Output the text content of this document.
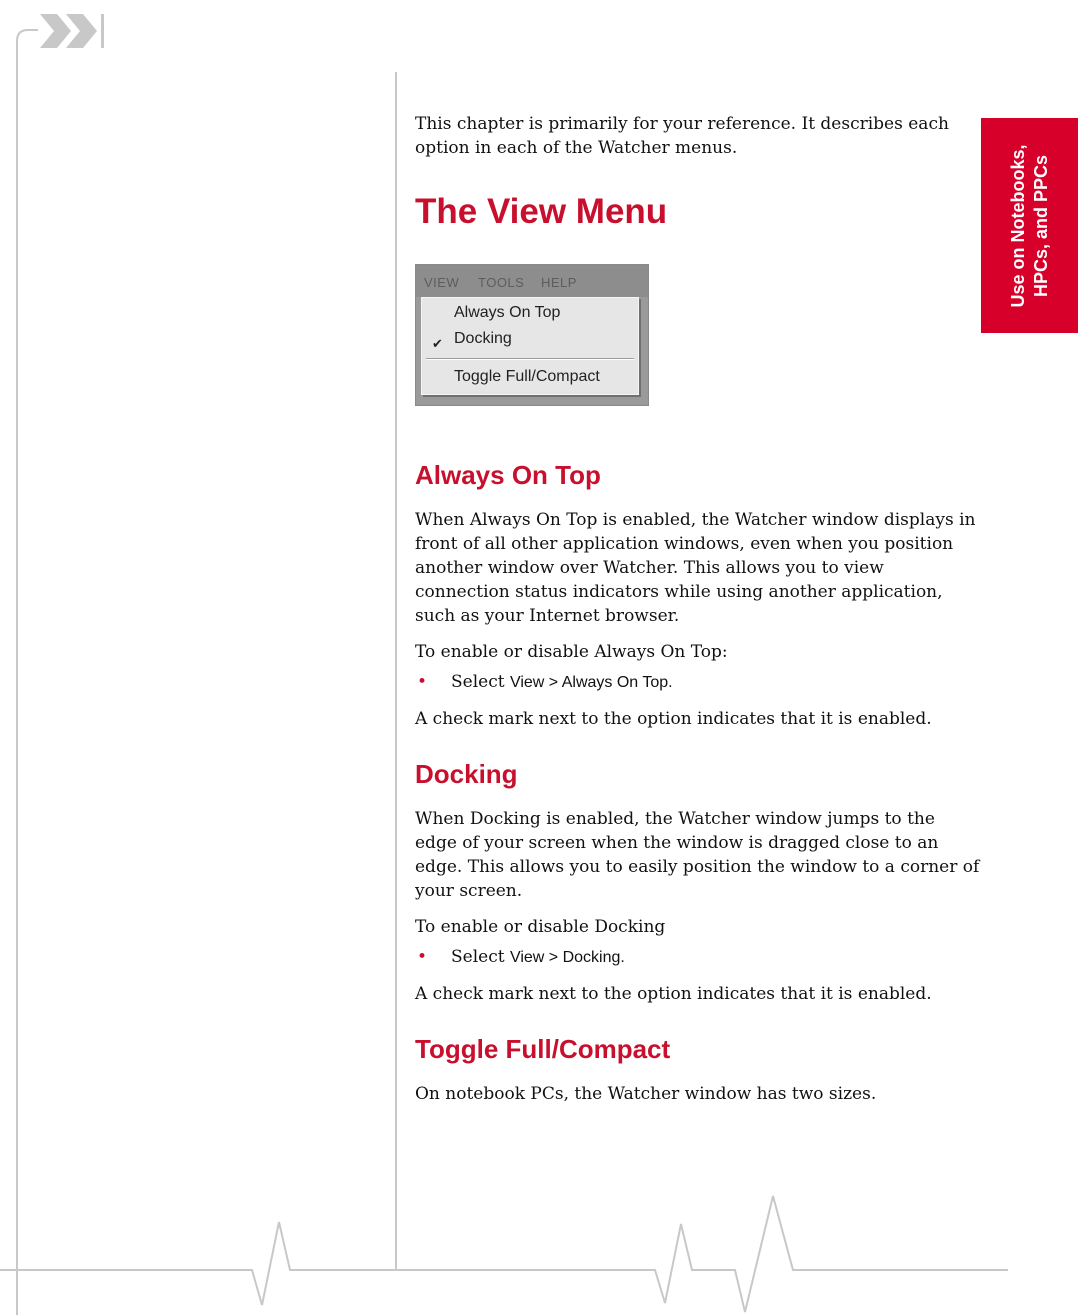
Use on Notebooks, HPCs, and PPCs

This chapter is primarily for your reference. It describes each option in each of the Watcher menus.

The View Menu
VIEW TOOLS HELP
Always On Top
✔ Docking
Toggle Full/Compact
Always On Top

When Always On Top is enabled, the Watcher window displays in front of all other application windows, even when you position another window over Watcher. This allows you to view connection status indicators while using another application, such as your Internet browser.

To enable or disable Always On Top:

• Select View > Always On Top.

A check mark next to the option indicates that it is enabled.

Docking

When Docking is enabled, the Watcher window jumps to the edge of your screen when the window is dragged close to an edge. This allows you to easily position the window to a corner of your screen.

To enable or disable Docking

• Select View > Docking.

A check mark next to the option indicates that it is enabled.

Toggle Full/Compact

On notebook PCs, the Watcher window has two sizes.
